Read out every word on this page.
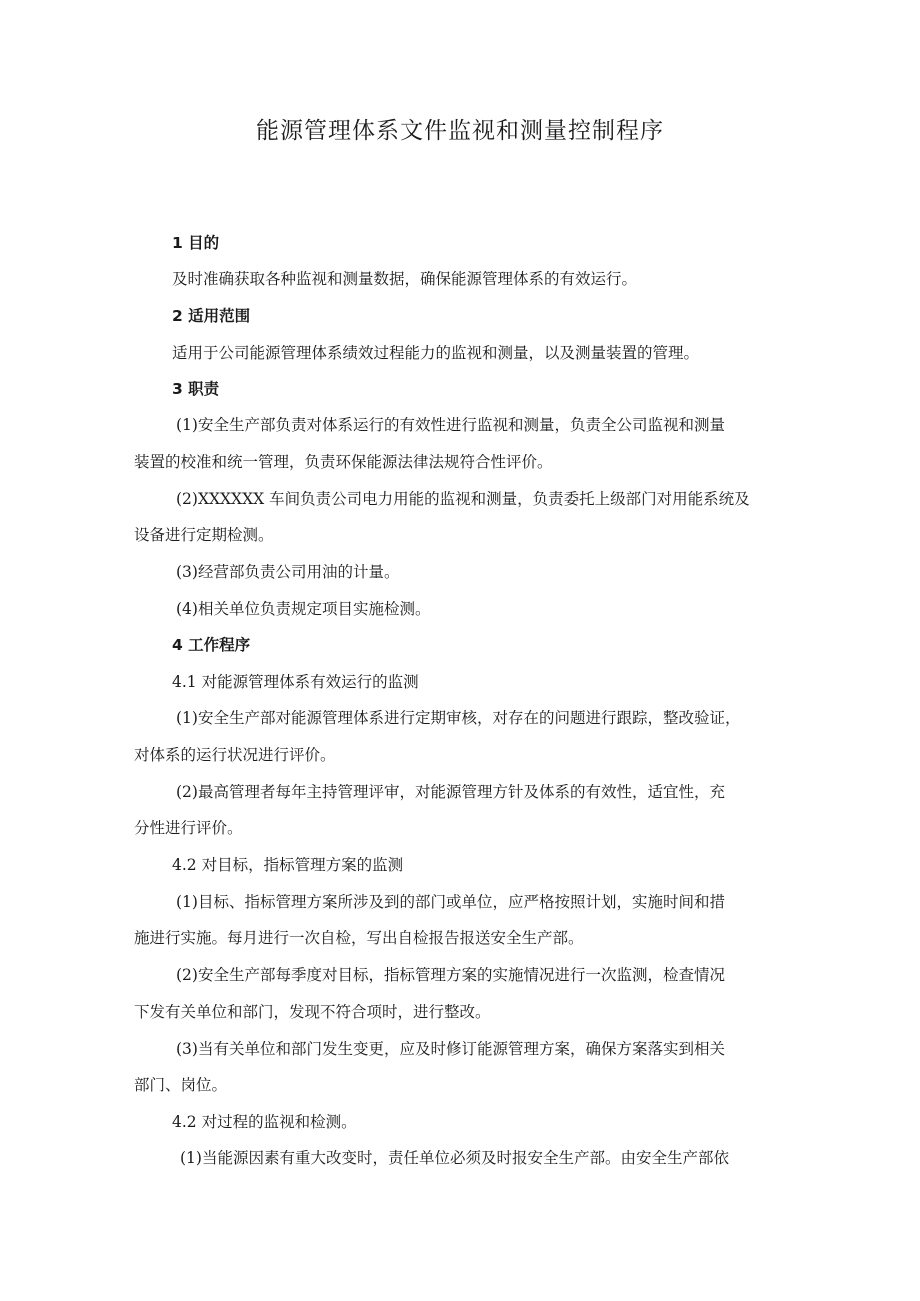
能源管理体系文件监视和测量控制程序

1 目的

及时准确获取各种监视和测量数据，确保能源管理体系的有效运行。

2 适用范围

适用于公司能源管理体系绩效过程能力的监视和测量，以及测量装置的管理。

3 职责

(1)安全生产部负责对体系运行的有效性进行监视和测量，负责全公司监视和测量

装置的校准和统一管理，负责环保能源法律法规符合性评价。

(2)XXXXXX 车间负责公司电力用能的监视和测量，负责委托上级部门对用能系统及

设备进行定期检测。

(3)经营部负责公司用油的计量。

(4)相关单位负责规定项目实施检测。

4 工作程序

4.1 对能源管理体系有效运行的监测

(1)安全生产部对能源管理体系进行定期审核，对存在的问题进行跟踪，整改验证，

对体系的运行状况进行评价。

(2)最高管理者每年主持管理评审，对能源管理方针及体系的有效性，适宜性，充

分性进行评价。

4.2 对目标，指标管理方案的监测

(1)目标、指标管理方案所涉及到的部门或单位，应严格按照计划，实施时间和措

施进行实施。每月进行一次自检，写出自检报告报送安全生产部。

(2)安全生产部每季度对目标，指标管理方案的实施情况进行一次监测，检查情况

下发有关单位和部门，发现不符合项时，进行整改。

(3)当有关单位和部门发生变更，应及时修订能源管理方案，确保方案落实到相关

部门、岗位。

4.2 对过程的监视和检测。

(1)当能源因素有重大改变时，责任单位必须及时报安全生产部。由安全生产部依
